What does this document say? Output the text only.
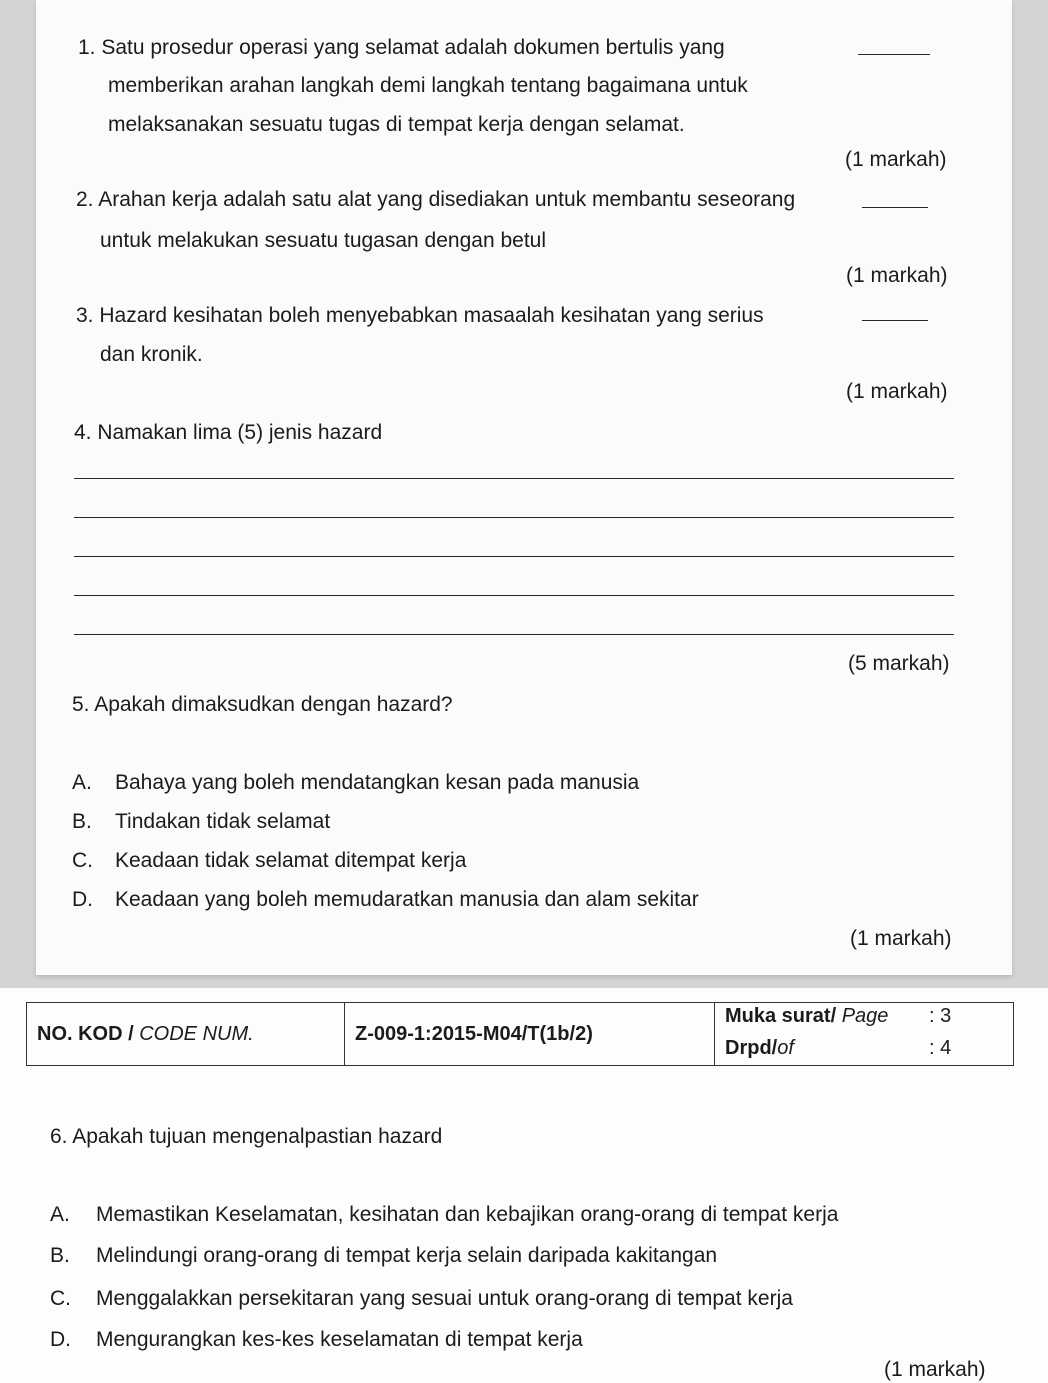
1. Satu prosedur operasi yang selamat adalah dokumen bertulis yang
memberikan arahan langkah demi langkah tentang bagaimana untuk
melaksanakan sesuatu tugas di tempat kerja dengan selamat.
(1 markah)
2. Arahan kerja adalah satu alat yang disediakan untuk membantu seseorang
untuk melakukan sesuatu tugasan dengan betul
(1 markah)
3. Hazard kesihatan boleh menyebabkan masaalah kesihatan yang serius
dan kronik.
(1 markah)
4. Namakan lima (5) jenis hazard
(5 markah)
5. Apakah dimaksudkan dengan hazard?
A. Bahaya yang boleh mendatangkan kesan pada manusia
B. Tindakan tidak selamat
C. Keadaan tidak selamat ditempat kerja
D. Keadaan yang boleh memudaratkan manusia dan alam sekitar
(1 markah)
NO. KOD / CODE NUM.	Z-009-1:2015-M04/T(1b/2)
Muka surat/ Page : 3
Drpd/of	: 4
6. Apakah tujuan mengenalpastian hazard
A. Memastikan Keselamatan, kesihatan dan kebajikan orang-orang di tempat kerja
B. Melindungi orang-orang di tempat kerja selain daripada kakitangan
C. Menggalakkan persekitaran yang sesuai untuk orang-orang di tempat kerja
D. Mengurangkan kes-kes keselamatan di tempat kerja
(1 markah)
